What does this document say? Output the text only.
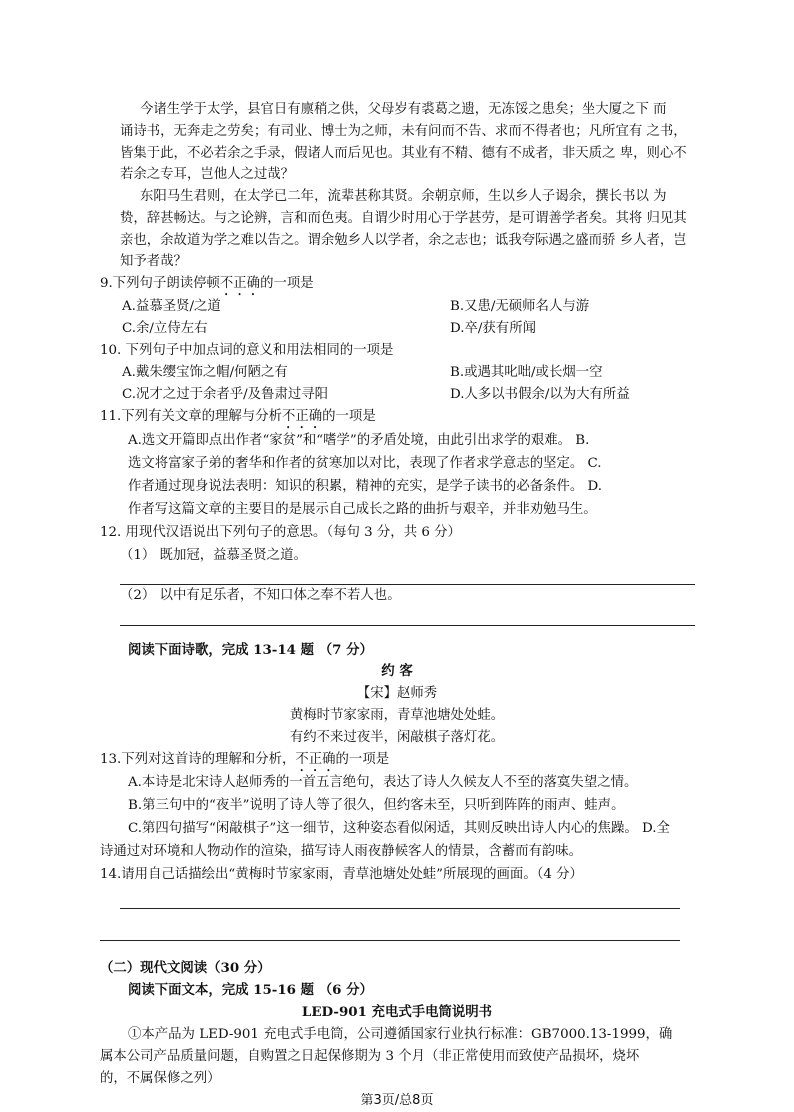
今诸生学于太学，县官日有廪稍之供，父母岁有裘葛之遗，无冻馁之患矣；坐大厦之下 而
诵诗书，无奔走之劳矣；有司业、博士为之师，未有问而不告、求而不得者也；凡所宜有 之书，
皆集于此，不必若余之手录，假诸人而后见也。其业有不精、德有不成者，非天质之 卑，则心不
若余之专耳，岂他人之过哉？
东阳马生君则，在太学已二年，流辈甚称其贤。余朝京师，生以乡人子谒余，撰长书以 为
贽，辞甚畅达。与之论辨，言和而色夷。自谓少时用心于学甚劳，是可谓善学者矣。其将 归见其
亲也，余故道为学之难以告之。谓余勉乡人以学者，余之志也；诋我夸际遇之盛而骄 乡人者，岂
知予者哉？
9.下列句子朗读停顿不正确的一项是
A.益慕圣贤/之道	B.又患/无硕师名人与游
C.余/立侍左右	D.卒/获有所闻
10. 下列句子中加点词的意义和用法相同的一项是
A.戴朱缨宝饰之帽/何陋之有	B.或遇其叱咄/或长烟一空
C.况才之过于余者乎/及鲁肃过寻阳	D.人多以书假余/以为大有所益
11.下列有关文章的理解与分析不正确的一项是
A.选文开篇即点出作者“家贫”和“嗜学”的矛盾处境，由此引出求学的艰难。 B.
选文将富家子弟的奢华和作者的贫寒加以对比，表现了作者求学意志的坚定。 C.
作者通过现身说法表明：知识的积累，精神的充实，是学子读书的必备条件。 D.
作者写这篇文章的主要目的是展示自己成长之路的曲折与艰辛，并非劝勉马生。
12. 用现代汉语说出下列句子的意思。（每句 3 分，共 6 分）
（1） 既加冠，益慕圣贤之道。
（2） 以中有足乐者，不知口体之奉不若人也。
阅读下面诗歌，完成 13-14 题 （7 分）
约 客
【宋】赵师秀
黄梅时节家家雨，青草池塘处处蛙。
有约不来过夜半，闲敲棋子落灯花。
13.下列对这首诗的理解和分析，不正确的一项是
A.本诗是北宋诗人赵师秀的一首五言绝句，表达了诗人久候友人不至的落寞失望之情。
B.第三句中的“夜半”说明了诗人等了很久，但约客未至，只听到阵阵的雨声、蛙声。
C.第四句描写“闲敲棋子”这一细节，这种姿态看似闲适，其则反映出诗人内心的焦躁。 D.全
诗通过对环境和人物动作的渲染，描写诗人雨夜静候客人的情景，含蓄而有韵味。
14.请用自己话描绘出“黄梅时节家家雨，青草池塘处处蛙”所展现的画面。（4 分）
（二）现代文阅读（30 分）
阅读下面文本，完成 15-16 题 （6 分）
LED-901 充电式手电筒说明书
①本产品为 LED-901 充电式手电筒，公司遵循国家行业执行标准：GB7000.13-1999，确
属本公司产品质量问题，自购置之日起保修期为 3 个月（非正常使用而致使产品损坏，烧坏
的，不属保修之列）
第3页/总8页
